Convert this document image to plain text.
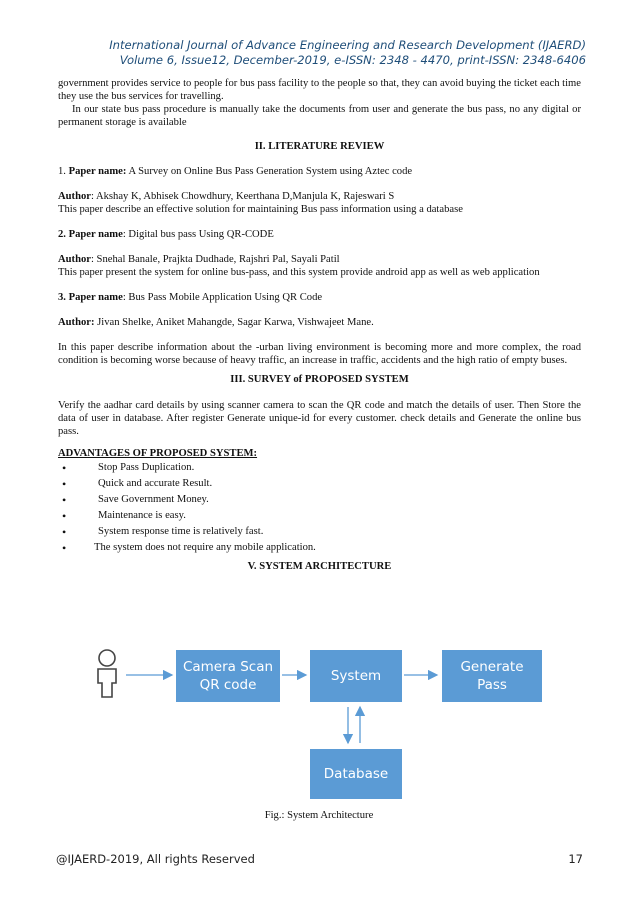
International Journal of Advance Engineering and Research Development (IJAERD)
Volume 6, Issue12, December-2019, e-ISSN: 2348 - 4470, print-ISSN: 2348-6406

government provides service to people for bus pass facility to the people so that, they can avoid buying the ticket each time they use the bus services for travelling.

In our state bus pass procedure is manually take the documents from user and generate the bus pass, no any digital or permanent storage is available

II. LITERATURE REVIEW

1. Paper name: A Survey on Online Bus Pass Generation System using Aztec code

Author: Akshay K, Abhisek Chowdhury, Keerthana D,Manjula K, Rajeswari S

This paper describe an effective solution for maintaining Bus pass information using a database

2. Paper name: Digital bus pass Using QR-CODE

Author: Snehal Banale, Prajkta Dudhade, Rajshri Pal, Sayali Patil

This paper present the system for online bus-pass, and this system provide android app as well as web application

3. Paper name: Bus Pass Mobile Application Using QR Code

Author: Jivan Shelke, Aniket Mahangde, Sagar Karwa, Vishwajeet Mane.

In this paper describe information about the -urban living environment is becoming more and more complex, the road condition is becoming worse because of heavy traffic, an increase in traffic, accidents and the high ratio of empty buses.

III. SURVEY of PROPOSED SYSTEM

Verify the aadhar card details by using scanner camera to scan the QR code and match the details of user. Then Store the data of user in database. After register Generate unique-id for every customer. check details and Generate the online bus pass.

ADVANTAGES OF PROPOSED SYSTEM:

• Stop Pass Duplication.
• Quick and accurate Result.
• Save Government Money.
• Maintenance is easy.
• System response time is relatively fast.
• The system does not require any mobile application.

V. SYSTEM ARCHITECTURE

Camera Scan
QR code
System
Generate
Pass
Database
Fig.: System Architecture
@IJAERD-2019, All rights Reserved	17
